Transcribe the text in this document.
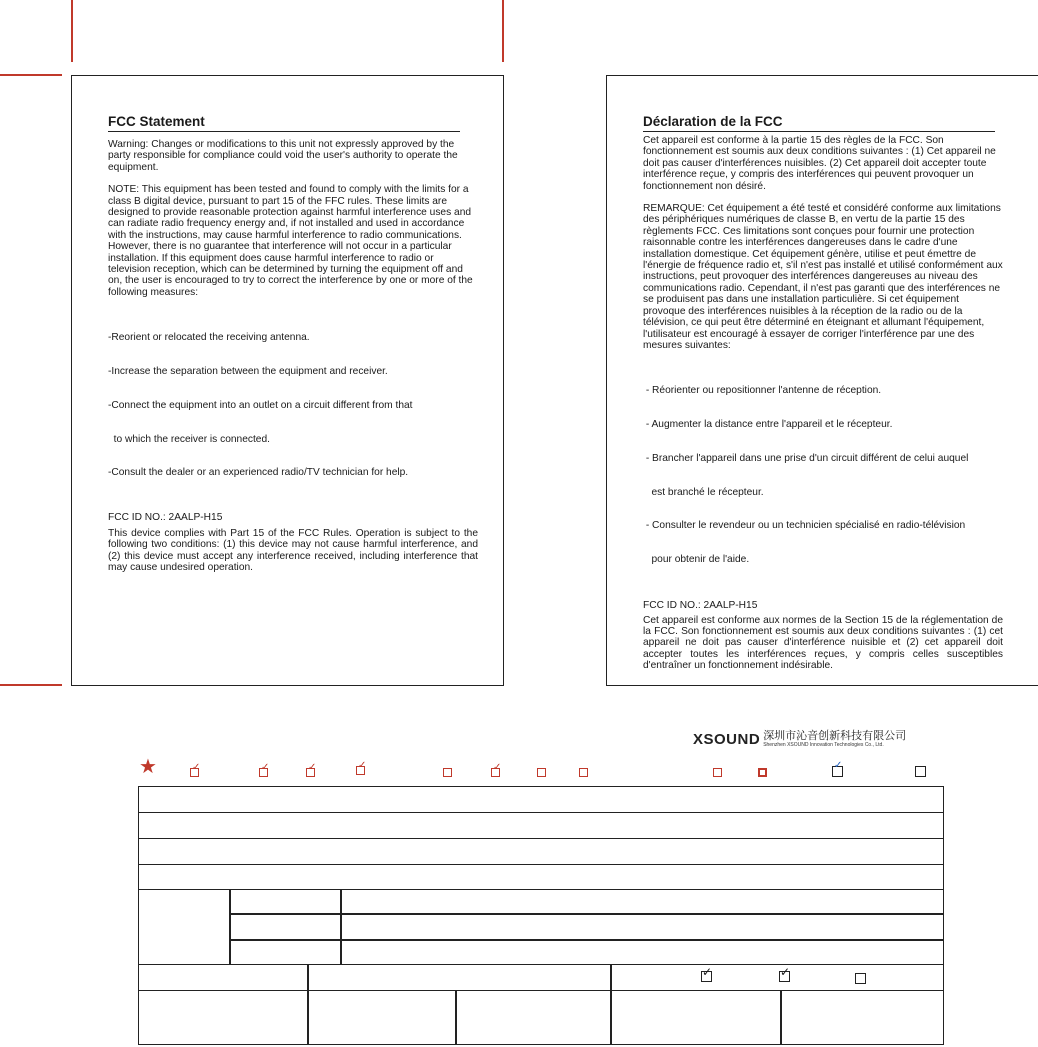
FCC Statement

Warning: Changes or modifications to this unit not expressly approved by the party responsible for compliance could void the user's authority to operate the equipment.

NOTE: This equipment has been tested and found to comply with the limits for a class B digital device, pursuant to part 15 of the FFC rules. These limits are designed to provide reasonable protection against harmful interference uses and can radiate radio frequency energy and, if not installed and used in accordance with the instructions, may cause harmful interference to radio communications. However, there is no guarantee that interference will not occur in a particular installation. If this equipment does cause harmful interference to radio or television reception, which can be determined by turning the equipment off and on, the user is encouraged to try to correct the interference by one or more of the following measures:

-Reorient or relocated the receiving antenna.

-Increase the separation between the equipment and receiver.

-Connect the equipment into an outlet on a circuit different from that

to which the receiver is connected.

-Consult the dealer or an experienced radio/TV technician for help.

FCC ID NO.: 2AALP-H15

This device complies with Part 15 of the FCC Rules. Operation is subject to the following two conditions: (1) this device may not cause harmful interference, and (2) this device must accept any interference received, including interference that may cause undesired operation.

Déclaration de la FCC

Cet appareil est conforme à la partie 15 des règles de la FCC. Son fonctionnement est soumis aux deux conditions suivantes : (1) Cet appareil ne doit pas causer d'interférences nuisibles. (2) Cet appareil doit accepter toute interférence reçue, y compris des interférences qui peuvent provoquer un fonctionnement non désiré.

REMARQUE: Cet équipement a été testé et considéré conforme aux limitations des périphériques numériques de classe B, en vertu de la partie 15 des règlements FCC. Ces limitations sont conçues pour fournir une protection raisonnable contre les interférences dangereuses dans le cadre d'une installation domestique. Cet équipement génère, utilise et peut émettre de l'énergie de fréquence radio et, s'il n'est pas installé et utilisé conformément aux instructions, peut provoquer des interférences dangereuses au niveau des communications radio. Cependant, il n'est pas garanti que des interférences ne se produisent pas dans une installation particulière. Si cet équipement provoque des interférences nuisibles à la réception de la radio ou de la télévision, ce qui peut être déterminé en éteignant et allumant l'équipement, l'utilisateur est encouragé à essayer de corriger l'interférence par une des mesures suivantes:

- Réorienter ou repositionner l'antenne de réception.

- Augmenter la distance entre l'appareil et le récepteur.

- Brancher l'appareil dans une prise d'un circuit différent de celui auquel

est branché le récepteur.

- Consulter le revendeur ou un technicien spécialisé en radio-télévision

pour obtenir de l'aide.

FCC ID NO.: 2AALP-H15

Cet appareil est conforme aux normes de la Section 15 de la réglementation de la FCC. Son fonctionnement est soumis aux deux conditions suivantes : (1) cet appareil ne doit pas causer d'interférence nuisible et (2) cet appareil doit accepter toutes les interférences reçues, y compris celles susceptibles d'entraîner un fonctionnement indésirable.

XSOUND 深圳市沁音创新科技有限公司
Shenzhen XSOUND Innovation Technologies Co., Ltd.
★	✓	✓	✓	✓	✓	✓
✓	✓
